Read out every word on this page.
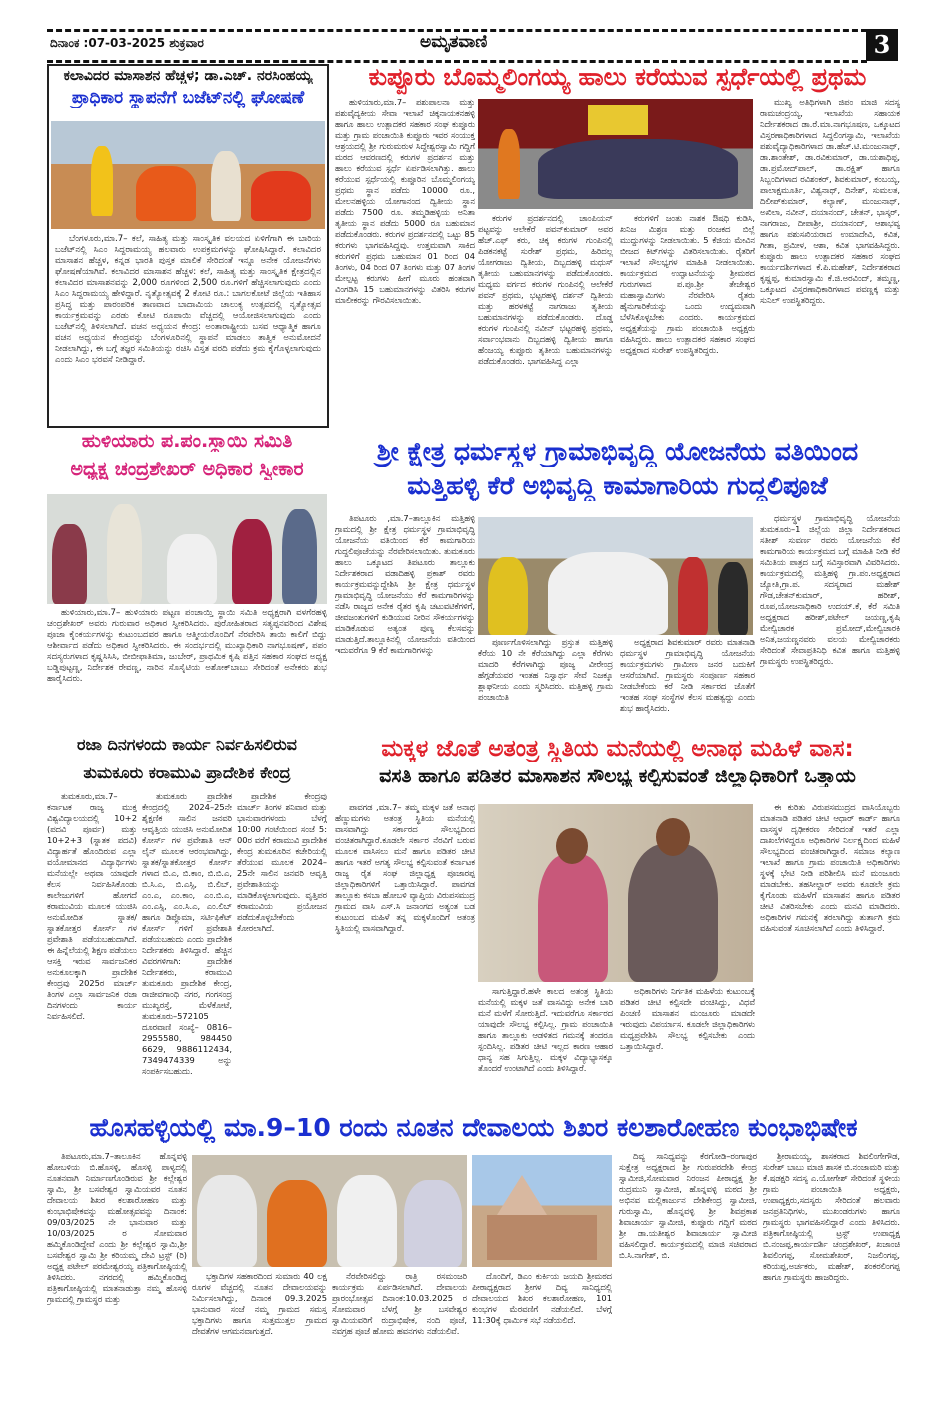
ದಿನಾಂಕ :07-03-2025 ಶುಕ್ರವಾರ	ಅಮೃತವಾಣಿ	3
ಕಲಾವಿದರ ಮಾಸಾಶನ ಹೆಚ್ಚಳ; ಡಾ.ಎಚ್. ನರಸಿಂಹಯ್ಯ
ಪ್ರಾಧಿಕಾರ ಸ್ಥಾಪನೆಗೆ ಬಜೆಟ್‌ನಲ್ಲಿ ಘೋಷಣೆ
ಬೆಂಗಳೂರು,ಮಾ.7– ಕಲೆ, ಸಾಹಿತ್ಯ ಮತ್ತು ಸಾಂಸ್ಕೃತಿಕ ವಲಯದ ಏಳಿಗೆಗಾಗಿ ಈ ಬಾರಿಯ ಬಜೆಟ್‌ನಲ್ಲಿ ಸಿಎಂ ಸಿದ್ದರಾಮಯ್ಯ ಹಲವಾರು ಉಪಕ್ರಮಗಳನ್ನು ಘೋಷಿಸಿದ್ದಾರೆ. ಕಲಾವಿದರ ಮಾಸಾಶನ ಹೆಚ್ಚಳ, ಕನ್ನಡ ಭಾರತಿ ಪುಸ್ತಕ ಮಾಲಿಕೆ ಸೇರಿದಂತೆ ಇನ್ನೂ ಅನೇಕ ಯೋಜನೆಗಳು ಘೋಷಣೆಯಾಗಿವೆ. ಕಲಾವಿದರ ಮಾಸಾಶನ ಹೆಚ್ಚಳ: ಕಲೆ, ಸಾಹಿತ್ಯ ಮತ್ತು ಸಾಂಸ್ಕೃತಿಕ ಕ್ಷೇತ್ರದಲ್ಲಿನ ಕಲಾವಿದರ ಮಾಸಾಶನವನ್ನು 2,000 ರೂಗಳಿಂದ 2,500 ರೂ.ಗಳಿಗೆ ಹೆಚ್ಚಿಸಲಾಗುವುದು ಎಂದು ಸಿಎಂ ಸಿದ್ದರಾಮಯ್ಯ ಹೇಳಿದ್ದಾರೆ. ನೃತ್ಯೋತ್ಸವಕ್ಕೆ 2 ಕೋಟಿ ರೂ.: ಬಾಗಲಕೋಟೆ ಜಿಲ್ಲೆಯ ಇತಿಹಾಸ ಪ್ರಸಿದ್ಧ ಮತ್ತು ಪಾರಂಪರಿಕ ತಾಣವಾದ ಬಾದಾಮಿಯ ಚಾಲುಕ್ಯ ಉತ್ಸವದಲ್ಲಿ ನೃತ್ಯೋತ್ಸವ ಕಾರ್ಯಕ್ರಮವನ್ನು ಎರಡು ಕೋಟಿ ರೂಪಾಯಿ ವೆಚ್ಚದಲ್ಲಿ ಆಯೋಜಿಸಲಾಗುವುದು ಎಂದು ಬಜೆಟ್‌ನಲ್ಲಿ ತಿಳಿಸಲಾಗಿದೆ. ವಚನ ಅಧ್ಯಯನ ಕೇಂದ್ರ: ಅಂತಾರಾಷ್ಟ್ರೀಯ ಬಸವ ಆಧ್ಯಾತ್ಮಿಕ ಹಾಗೂ ವಚನ ಅಧ್ಯಯನ ಕೇಂದ್ರವನ್ನು ಬೆಂಗಳೂರಿನಲ್ಲಿ ಸ್ಥಾಪನೆ ಮಾಡಲು ತಾತ್ವಿಕ ಅನುಮೋದನೆ ನೀಡಲಾಗಿದ್ದು, ಈ ಬಗ್ಗೆ ತಜ್ಞರ ಸಮಿತಿಯನ್ನು ರಚಿಸಿ ವಿಸ್ತತ ವರದಿ ಪಡೆದು ಕ್ರಮ ಕೈಗೊಳ್ಳಲಾಗುವುದು ಎಂದು ಸಿಎಂ ಭರವಸೆ ನೀಡಿದ್ದಾರೆ.
ಕುಪ್ಪೂರು ಬೊಮ್ಮಲಿಂಗಯ್ಯ ಹಾಲು ಕರೆಯುವ ಸ್ಪರ್ಧೆಯಲ್ಲಿ ಪ್ರಥಮ
ಹುಳಿಯಾರು,ಮಾ.7– ಪಶುಪಾಲನಾ ಮತ್ತು ಪಶುವೈದ್ಯಕೀಯ ಸೇವಾ ಇಲಾಖೆ ಚಿಕ್ಕನಾಯಕನಹಳ್ಳಿ ಹಾಗೂ ಹಾಲು ಉತ್ಪಾದಕರ ಸಹಕಾರ ಸಂಘ ಕುಪ್ಪೂರು ಮತ್ತು ಗ್ರಾಮ ಪಂಚಾಯಿತಿ ಕುಪ್ಪೂರು ಇವರ ಸಂಯುಕ್ತ ಆಶ್ರಯದಲ್ಲಿ ಶ್ರೀ ಗುರುಮರುಳ ಸಿದ್ದೇಶ್ವರಸ್ವಾಮಿ ಗದ್ದಿಗೆ ಮಠದ ಆವರಣದಲ್ಲಿ ಕರುಗಳ ಪ್ರದರ್ಶನ ಮತ್ತು ಹಾಲು ಕರೆಯುವ ಸ್ಪರ್ಧೆ ಏರ್ಪಡಿಸಲಾಗಿತ್ತು. ಹಾಲು ಕರೆಯುವ ಸ್ಪರ್ಧೆಯಲ್ಲಿ ಕುಪ್ಪೂರಿನ ಬೊಮ್ಮಲಿಂಗಯ್ಯ ಪ್ರಥಮ ಸ್ಥಾನ ಪಡೆದು 10000 ರೂ., ಮೇಲನಹಳ್ಳಿಯ ಯೋಗಾನಂದ ದ್ವಿತೀಯ ಸ್ಥಾನ ಪಡೆದು 7500 ರೂ. ತಮ್ಮಡಿಹಳ್ಳಿಯ ಅನಿತಾ ತೃತೀಯ ಸ್ಥಾನ ಪಡೆದು 5000 ರೂ ಬಹುಮಾನ ಪಡೆದುಕೊಂಡರು. ಕರುಗಳ ಪ್ರದರ್ಶನದಲ್ಲಿ ಒಟ್ಟು 85 ಕರುಗಳು ಭಾಗವಹಿಸಿದ್ದವು. ಉತ್ತಮವಾಗಿ ಸಾಕಿದ ಕರುಗಳಿಗೆ ಪ್ರಥಮ ಬಹುಮಾನ 01 ರಿಂದ 04 ತಿಂಗಳು, 04 ರಿಂದ 07 ತಿಂಗಳು ಮತ್ತು 07 ತಿಂಗಳ ಮೇಲ್ಪಟ್ಟ ಕರುಗಳು ಹೀಗೆ ಮೂರು ಹಂತವಾಗಿ ವಿಂಗಡಿಸಿ 15 ಬಹುಮಾನಗಳನ್ನು ವಿತರಿಸಿ ಕರುಗಳ ಮಾಲೀಕರನ್ನು ಗೌರವಿಸಲಾಯಿತು.
ಕರುಗಳ ಪ್ರದರ್ಶನದಲ್ಲಿ ಚಾಂಪಿಯನ್ ಪಟ್ಟವನ್ನು ಆಲೇಕೆರೆ ಪವನ್‌ಕುಮಾರ್ ಅವರ ಹೆಚ್.ಎಫ್ ಕರು, ಚಿಕ್ಕ ಕರುಗಳ ಗುಂಪಿನಲ್ಲಿ ಪಿಡಕನಕಟ್ಟೆ ಸುರೇಶ್ ಪ್ರಥಮ, ಹಿರಿದಲ್ಲ ಯೋಗರಾಜು ದ್ವಿತೀಯ, ದಿಬ್ಬದಹಳ್ಳಿ ಮಧುಸ್ ತೃತೀಯ ಬಹುಮಾನಗಳನ್ನು ಪಡೆದುಕೊಂಡರು. ಮಧ್ಯಮ ವರ್ಗದ ಕರುಗಳ ಗುಂಪಿನಲ್ಲಿ ಆಲೇಕೆರೆ ಪವನ್ ಪ್ರಥಮ, ಭಟ್ಟರಹಳ್ಳಿ ದರ್ಶನ್ ದ್ವಿತೀಯ ಮತ್ತು ಹರಳಕಟ್ಟೆ ನಾಗರಾಜು ತೃತೀಯ ಬಹುಮಾನಗಳನ್ನು ಪಡೆದುಕೊಂಡರು. ದೊಡ್ಡ ಕರುಗಳ ಗುಂಪಿನಲ್ಲಿ ನವೀನ್ ಭಟ್ಟರಹಳ್ಳಿ ಪ್ರಥಮ, ಸರ್ವಾಂಭವಾನು ದಿಬ್ಬದಹಳ್ಳಿ ದ್ವಿತೀಯ ಹಾಗೂ ಹೆಂಜಯ್ಯ ಕುಪ್ಪೂರು ತೃತೀಯ ಬಹುಮಾನಗಳನ್ನು ಪಡೆದುಕೊಂಡರು. ಭಾಗವಹಿಸಿದ್ದ ಎಲ್ಲಾ
ಕರುಗಳಿಗೆ ಜಂತು ನಾಶಕ ಔಷಧಿ ಕುಡಿಸಿ, ಖನಿಜ ಮಿಶ್ರಣ ಮತ್ತು ರಂಜಕದ ಬಿಲ್ಲೆ ಮುದ್ದುಗಳನ್ನು ನೀಡಲಾಯಿತು. 5 ಕೆಜಿಯ ಮೇವಿನ ಬೀಜದ ಕಿಟ್‌ಗಳನ್ನು ವಿತರಿಸಲಾಯಿತು. ರೈತರಿಗೆ ಇಲಾಖೆ ಸೌಲಭ್ಯಗಳ ಮಾಹಿತಿ ನೀಡಲಾಯಿತು. ಕಾರ್ಯಕ್ರಮದ ಉದ್ಘಾಟನೆಯನ್ನು ಶ್ರೀಮಠದ ಗುರುಗಳಾದ ಪ.ಪೂ.ಶ್ರೀ ತೇಜೇಶ್ವರ ಮಹಾಸ್ವಾಮಿಗಳು ನೆರವೇರಿಸಿ ರೈತರು ಹೈನುಗಾರಿಕೆಯನ್ನು ಒಂದು ಉದ್ಯಮವಾಗಿ ಬೆಳೆಸಿಕೊಳ್ಳಬೇಕು ಎಂದರು. ಕಾರ್ಯಕ್ರಮದ ಅಧ್ಯಕ್ಷತೆಯನ್ನು ಗ್ರಾಮ ಪಂಚಾಯಿತಿ ಅಧ್ಯಕ್ಷರು ವಹಿಸಿದ್ದರು. ಹಾಲು ಉತ್ಪಾದಕರ ಸಹಕಾರ ಸಂಘದ ಅಧ್ಯಕ್ಷರಾದ ಸುರೇಶ್ ಉಪಸ್ಥಿತರಿದ್ದರು.
ಮುಖ್ಯ ಅತಿಥಿಗಳಾಗಿ ಜಿಪಂ ಮಾಜಿ ಸದಸ್ಯ ರಾಮಚಂದ್ರಯ್ಯ, ಇಲಾಖೆಯ ಸಹಾಯಕ ನಿರ್ದೇಶಕರಾದ ಡಾ.ರೆ.ಮಾ.ನಾಗಭೂಷಣ, ಒಕ್ಕೂಟದ ವಿಸ್ತರಣಾಧಿಕಾರಿಗಳಾದ ಸಿದ್ದಲಿಂಗಸ್ವಾಮಿ, ಇಲಾಖೆಯ ಪಶುವೈದ್ಯಾಧಿಕಾರಿಗಳಾದ ಡಾ.ಹೆಚ್.ಟಿ.ಮಂಜುನಾಥ್, ಡಾ.ಶಾಂತೇಶ್, ಡಾ.ರವಿಕುಮಾರ್, ಡಾ.ಯಶಾಧಿಪ್ಪ, ಡಾ.ಪ್ರಮೋದ್‌ಪಾಲ್, ಡಾ.ರಕ್ಷಿತ್ ಹಾಗೂ ಸಿಬ್ಬಂದಿಗಳಾದ ರವಿಶಂಕರ್, ಶಿವಕುಮಾರ್, ಕಂಬಯ್ಯ, ಪಾಲಾಕ್ಷಮೂರ್ತಿ, ವಿಶ್ವನಾಥ್, ದಿನೇಶ್, ಸುಮಲತ, ದಿಲೀಪ್‌ಕುಮಾರ್, ಕಲ್ಯಾಣ್, ಮಂಜುನಾಥ್, ಅಖಿಲಾ, ನವೀನ್, ದಯಾನಂದ್, ಚೇತನ್, ಭಾಸ್ಕರ್, ನಾಗರಾಜು, ದೀಪಾಶ್ರೀ, ದಯಾನಂದ್, ಆಶಾಭವ್ಯ ಹಾಗೂ ಪಶುಸಖಿಯರಾದ ಉಮಾದೇವಿ, ಕವಿತ, ಗೀತಾ, ಪ್ರಮೀಳ, ಆಶಾ, ಕವಿತ ಭಾಗವಹಿಸಿದ್ದರು. ಕುಪ್ಪೂರು ಹಾಲು ಉತ್ಪಾದಕರ ಸಹಕಾರ ಸಂಘದ ಕಾರ್ಯದರ್ಶಿಗಳಾದ ಕೆ.ಪಿ.ಮಹೇಶ್, ನಿರ್ದೇಶಕರಾದ ಕೃಷ್ಣಪ್ಪ, ಕುಮಾರಸ್ವಾಮಿ ಕೆ.ಜಿ.ಅರವಿಂದ್, ತಮ್ಮಣ್ಣ, ಒಕ್ಕೂಟದ ವಿಸ್ತರಣಾಧಿಕಾರಿಗಳಾದ ಪವಣ್ಣಕ್ಕ ಮತ್ತು ಸುನಿಲ್ ಉಪಸ್ಥಿತರಿದ್ದರು.
ಹುಳಿಯಾರು ಪ.ಪಂ.ಸ್ಥಾಯಿ ಸಮಿತಿ
ಅಧ್ಯಕ್ಷ ಚಂದ್ರಶೇಖರ್ ಅಧಿಕಾರ ಸ್ವೀಕಾರ
ಹುಳಿಯಾರು,ಮಾ.7– ಹುಳಿಯಾರು ಪಟ್ಟಣ ಪಂಚಾಯ್ತಿ ಸ್ಥಾಯಿ ಸಮಿತಿ ಅಧ್ಯಕ್ಷರಾಗಿ ವಳಗೆರಹಳ್ಳಿ ಚಂದ್ರಶೇಖರ್ ಅವರು ಗುರುವಾರ ಅಧಿಕಾರ ಸ್ವೀಕರಿಸಿದರು. ಪುರೋಹಿತರಾದ ಸತ್ಯಪ್ಪನವರಿಂದ ವಿಶೇಷ ಪೂಜಾ ಕೈಂಕರ್ಯಗಳನ್ನು ಕುಟುಂಬದವರ ಹಾಗೂ ಆತ್ಮೀಯರೊಂದಿಗೆ ನೆರವೇರಿಸಿ ತಾಯಿ ಕಾಲಿಗೆ ಬಿದ್ದು ಆಶೀರ್ವಾದ ಪಡೆದು ಅಧಿಕಾರ ಸ್ವೀಕರಿಸಿದರು. ಈ ಸಂದರ್ಭದಲ್ಲಿ ಮುಖ್ಯಾಧಿಕಾರಿ ನಾಗಭೂಷಣ್, ಪಪಂ ಸದಸ್ಯರುಗಳಾದ ಕೃಷ್ಣಸಿಸಿಸಿ, ಬೀಬೀಫಾತಿಮಾ, ಜುಬೇರ್, ಪ್ರಾಥಮಿಕ ಕೃಷಿ ಪತ್ತಿನ ಸಹಕಾರ ಸಂಘದ ಅಧ್ಯಕ್ಷ ಬಡ್ಡಿಪುಟ್ಟಣ್ಣ, ನಿರ್ದೇಶಕ ರೇವಣ್ಣ, ನಾರಿನ ಸೊಸೈಟಿಯ ಅಶೋಕ್‌ಬಾಬು ಸೇರಿದಂತೆ ಅನೇಕರು ಶುಭ ಹಾರೈಸಿದರು.
ಶ್ರೀ ಕ್ಷೇತ್ರ ಧರ್ಮಸ್ಥಳ ಗ್ರಾಮಾಭಿವೃದ್ಧಿ ಯೋಜನೆಯ ವತಿಯಿಂದ
ಮತ್ತಿಹಳ್ಳಿ ಕೆರೆ ಅಭಿವೃದ್ಧಿ ಕಾಮಾಗಾರಿಯ ಗುದ್ದಲಿಪೂಜೆ
ತಿಪಟೂರು ,ಮಾ.7–ತಾಲ್ಲೂಕಿನ ಮತ್ತಿಹಳ್ಳಿ ಗ್ರಾಮದಲ್ಲಿ ಶ್ರೀ ಕ್ಷೇತ್ರ ಧರ್ಮಸ್ಥಳ ಗ್ರಾಮಾಭಿವೃದ್ಧಿ ಯೋಜನೆಯ ವತಿಯಿಂದ ಕೆರೆ ಕಾಮಗಾರಿಯ ಗುದ್ದಲಿಪೂಜೆಯನ್ನು ನೆರವೇರಿಸಲಾಯಿತು. ತುಮಕೂರು ಹಾಲು ಒಕ್ಕೂಟದ ತಿಪಟೂರು ತಾಲ್ಲೂಕು ನಿರ್ದೇಶಕರಾದ ವಡಾದಿಹಳ್ಳಿ ಪ್ರಕಾಶ್ ರವರು ಕಾರ್ಯಕ್ರಮವನ್ನುದ್ದೇಶಿಸಿ ಶ್ರೀ ಕ್ಷೇತ್ರ ಧರ್ಮಸ್ಥಳ ಗ್ರಾಮಾಭಿವೃದ್ಧಿ ಯೋಜನೆಯು ಕೆರೆ ಕಾಮಗಾರಿಗಳನ್ನು ನಡೆಸಿ ರಾಜ್ಯದ ಅನೇಕ ರೈತರ ಕೃಷಿ ಚಟುವಟಿಕೆಗಳಿಗೆ, ಜೀವಜಂತುಗಳಿಗೆ ಕುಡಿಯುವ ನೀರಿನ ಸೌಕರ್ಯಗಳನ್ನು ಮಾಡಿಕೊಡುವ ಅತ್ಯಂತ ಪುಣ್ಯ ಕೆಲಸವನ್ನು ಮಾಡುತ್ತಿದೆ.ತಾಲ್ಲೂಕಿನಲ್ಲಿ ಯೋಜನೆಯ ವತಿಯಿಂದ ಇದುವರೆಗೂ 9 ಕೆರೆ ಕಾಮಗಾರಿಗಳನ್ನು
ಪೂರ್ಣಗೊಳಿಸಲಾಗಿದ್ದು ಪ್ರಸ್ತುತ ಮತ್ತಿಹಳ್ಳಿ ಕೆರೆಯ 10 ನೇ ಕೆರೆಯಾಗಿದ್ದು ಎಲ್ಲಾ ಕೆರೆಗಳು ಮಾದರಿ ಕೆರೆಗಳಾಗಿದ್ದು ಪೂಜ್ಯ ವೀರೇಂದ್ರ ಹೆಗ್ಗಡೆಯವರ ಇಂತಹ ನಿಸ್ವಾರ್ಥ ಸೇವೆ ನಿಜಕ್ಕೂ ಶ್ಲಾಘನೀಯ ಎಂದು ಸ್ಮರಿಸಿದರು. ಮತ್ತಿಹಳ್ಳಿ ಗ್ರಾಮ ಪಂಚಾಯಿತಿ
ಅಧ್ಯಕ್ಷರಾದ ಶಿವಕುಮಾರ್ ರವರು ಮಾತನಾಡಿ ಧರ್ಮಸ್ಥಳ ಗ್ರಾಮಾಭಿವೃದ್ಧಿ ಯೋಜನೆಯ ಕಾರ್ಯಕ್ರಮಗಳು ಗ್ರಾಮೀಣ ಜನರ ಬದುಕಿಗೆ ಆಸರೆಯಾಗಿವೆ. ಗ್ರಾಮಸ್ಥರು ಸಂಪೂರ್ಣ ಸಹಕಾರ ನೀಡಬೇಕೆಂದು ಕರೆ ನೀಡಿ ಸರ್ಕಾರದ ಜೊತೆಗೆ ಇಂತಹ ಸಂಘ ಸಂಸ್ಥೆಗಳ ಕೆಲಸ ಮಹತ್ವದ್ದು ಎಂದು ಶುಭ ಹಾರೈಸಿದರು.
ಧರ್ಮಸ್ಥಳ ಗ್ರಾಮಾಭಿವೃದ್ಧಿ ಯೋಜನೆಯ ತುಮಕೂರು–1 ಜಿಲ್ಲೆಯ ಜಿಲ್ಲಾ ನಿರ್ದೇಶಕರಾದ ಸತೀಶ್ ಸುವರ್ಣ ರವರು ಯೋಜನೆಯ ಕೆರೆ ಕಾಮಗಾರಿಯ ಕಾರ್ಯಕ್ರಮದ ಬಗ್ಗೆ ಮಾಹಿತಿ ನೀಡಿ ಕೆರೆ ಸಮಿತಿಯ ಪಾತ್ರದ ಬಗ್ಗೆ ಸವಿಸ್ತಾರವಾಗಿ ವಿವರಿಸಿದರು. ಕಾರ್ಯಕ್ರಮದಲ್ಲಿ ಮತ್ತಿಹಳ್ಳಿ ಗ್ರಾ.ಪಂ.ಅಧ್ಯಕ್ಷರಾದ ಜ್ಯೋತಿ,ಗ್ರಾ.ಪ. ಸದಸ್ಯರಾದ ಮಹೇಶ್ ಗೌಡ,ಚೇತನ್‌ಕುಮಾರ್, ಹರೀಶ್, ರೂಪ,ಯೋಜನಾಧಿಕಾರಿ ಉದಯ್.ಕೆ, ಕೆರೆ ಸಮಿತಿ ಅಧ್ಯಕ್ಷರಾದ ಹರೀಶ್,ಪಟೇಲ್ ಜಯಣ್ಣ,ಕೃಷಿ ಮೇಲ್ವಿಚಾರಕ ಪ್ರಮೋದ್,ಮೇಲ್ವಿಚಾರಕಿ ಅನಿತ,ಜಯಣ್ಣನವರು ವಲಯ ಮೇಲ್ವಿಚಾರಕರು ಸೇರಿದಂತೆ ಸೇವಾಪ್ರತಿನಿಧಿ ಕವಿತ ಹಾಗೂ ಮತ್ತಿಹಳ್ಳಿ ಗ್ರಾಮಸ್ಥರು ಉಪಸ್ಥಿತರಿದ್ದರು.
ರಜಾ ದಿನಗಳಂದು ಕಾರ್ಯ ನಿರ್ವಹಿಸಲಿರುವ
ತುಮಕೂರು ಕರಾಮುವಿ ಪ್ರಾದೇಶಿಕ ಕೇಂದ್ರ
ತುಮಕೂರು,ಮಾ.7– ಕರ್ನಾಟಕ ರಾಜ್ಯ ಮುಕ್ತ ವಿಶ್ವವಿದ್ಯಾಲಯದಲ್ಲಿ 10+2 (ಪದವಿ ಪೂರ್ವ) ಮತ್ತು 10+2+3 (ಸ್ನಾತಕ ಪದವಿ) ವಿದ್ಯಾರ್ಹತೆ ಹೊಂದಿರುವ ಎಲ್ಲಾ ವಯೋಮಾನದ ವಿದ್ಯಾರ್ಥಿಗಳು ಮನೆಯಲ್ಲೇ ಅಥವಾ ಯಾವುದೇ ಕೆಲಸ ನಿರ್ವಹಿಸಿಕೊಂಡು ಕಾಲೇಜುಗಳಿಗೆ ಹೋಗದೆ ಕರಾಮುವಿಯ ಮೂಲಕ ಯುಜಿಸಿ ಅನುಮೋದಿತ ಸ್ನಾತಕ/ಸ್ನಾತಕೋತ್ತರ ಕೋರ್ಸ್ ಗಳ ಪ್ರವೇಶಾತಿ ಪಡೆಯಬಹುದಾಗಿದೆ. ಈ ಹಿನ್ನೆಲೆಯಲ್ಲಿ ಶಿಕ್ಷಣ ಪಡೆಯಲು ಆಸಕ್ತಿ ಇರುವ ಸಾರ್ವಜನಿಕರ ಅನುಕೂಲಕ್ಕಾಗಿ ಪ್ರಾದೇಶಿಕ ಕೇಂದ್ರವು 2025ರ ಮಾರ್ಚ್ ತಿಂಗಳ ಎಲ್ಲಾ ಸಾರ್ವಜನಿಕ ರಜಾ ದಿನಗಳಂದು ಕಾರ್ಯ ನಿರ್ವಹಿಸಲಿದೆ.
ತುಮಕೂರು ಪ್ರಾದೇಶಿಕ ಕೇಂದ್ರದಲ್ಲಿ 2024–25ನೇ ಶೈಕ್ಷಣಿಕ ಸಾಲಿನ ಜನವರಿ ಆವೃತ್ತಿಯ ಯುಜಿಸಿ ಅನುಮೋದಿತ ಕೋರ್ಸ್ ಗಳ ಪ್ರವೇಶಾತಿ ಆನ್ ಲೈನ್ ಮೂಲಕ ಆರಂಭವಾಗಿದ್ದು, ಸ್ನಾತಕ/ಸ್ನಾತಕೋತ್ತರ ಕೋರ್ಸ್ ಗಳಾದ ಬಿ.ಎ, ಬಿ.ಕಾಂ, ಬಿ.ಬಿ.ಎ, ಬಿ.ಸಿ.ಎ, ಬಿ.ಎಸ್ಸಿ, ಬಿ.ಲಿಬ್, ಎಂ.ಎ, ಎಂ.ಕಾಂ, ಎಂ.ಬಿ.ಎ, ಎಂ.ಎಸ್ಸಿ, ಎಂ.ಸಿ.ಎ, ಎಂ.ಲಿಬ್ ಹಾಗೂ ಡಿಪ್ಲೊಮಾ, ಸರ್ಟಿಫಿಕೆಟ್ ಕೋರ್ಸ್ ಗಳಿಗೆ ಪ್ರವೇಶಾತಿ ಪಡೆಯಬಹುದು ಎಂದು ಪ್ರಾದೇಶಿಕ ನಿರ್ದೇಶಕರು ತಿಳಿಸಿದ್ದಾರೆ. ಹೆಚ್ಚಿನ ವಿವರಗಳಿಗಾಗಿ: ಪ್ರಾದೇಶಿಕ ನಿರ್ದೇಶಕರು, ಕರಾಮುವಿ ತುಮಕೂರು ಪ್ರಾದೇಶಿಕ ಕೇಂದ್ರ, ರಾಜೀವಗಾಂಧಿ ನಗರ, ಗಂಗಸಂದ್ರ ಮುಖ್ಯರಸ್ತೆ, ಮೆಳೆಕೋಟೆ, ತುಮಕೂರು–572105 ದೂರವಾಣಿ ಸಂಖ್ಯೆ– 0816–2955580, 984450 6629, 9886112434, 7349474339 ಅನ್ನು ಸಂಪರ್ಕಿಸಬಹುದು.
ಪ್ರಾದೇಶಿಕ ಕೇಂದ್ರವು ಮಾರ್ಚ್ ತಿಂಗಳ ಶನಿವಾರ ಮತ್ತು ಭಾನುವಾರಗಳಂದು ಬೆಳಗ್ಗೆ 10:00 ಗಂಟೆಯಿಂದ ಸಂಜೆ 5: 00ರ ವರೆಗೆ ಕರಾಮುವಿ ಪ್ರಾದೇಶಿಕ ಕೇಂದ್ರ ತುಮಕೂರಿನ ಕಚೇರಿಯಲ್ಲಿ ತೆರೆಯುವ ಮೂಲಕ 2024–25ನೇ ಸಾಲಿನ ಜನವರಿ ಆವೃತ್ತಿ ಪ್ರವೇಶಾತಿಯನ್ನು ಮಾಡಿಕೊಳ್ಳಲಾಗುವುದು. ವೃತ್ತಿಪರ ಕರಾಮುವಿಯ ಪ್ರಯೋಜನ ಪಡೆದುಕೊಳ್ಳಬೇಕೆಂದು ಕೋರಲಾಗಿದೆ.
ಮಕ್ಕಳ ಜೊತೆ ಅತಂತ್ರ ಸ್ಥಿತಿಯ ಮನೆಯಲ್ಲಿ ಅನಾಥ ಮಹಿಳೆ ವಾಸ:
ವಸತಿ ಹಾಗೂ ಪಡಿತರ ಮಾಸಾಶನ ಸೌಲಭ್ಯ ಕಲ್ಪಿಸುವಂತೆ ಜಿಲ್ಲಾಧಿಕಾರಿಗೆ ಒತ್ತಾಯ
ಪಾವಗಡ ,ಮಾ.7– ತಮ್ಮ ಮಕ್ಕಳ ಜತೆ ಅನಾಥ ಹೆಣ್ಣುಮಗಳು ಅತಂತ್ರ ಸ್ಥಿತಿಯ ಮನೆಯಲ್ಲಿ ವಾಸವಾಗಿದ್ದು ಸರ್ಕಾರದ ಸೌಲಭ್ಯದಿಂದ ವಂಚಿತರಾಗಿದ್ದಾರೆ.ಕೂಡಲೇ ಸರ್ಕಾರ ನೆರವಿಗೆ ಬರುವ ಮೂಲಕ ವಾಸಿಸಲು ಮನೆ ಹಾಗೂ ಪಡಿತರ ಚೀಟಿ ಹಾಗೂ ಇತರೆ ಅಗತ್ಯ ಸೌಲಭ್ಯ ಕಲ್ಪಿಸುವಂತೆ ಕರ್ನಾಟಕ ರಾಜ್ಯ ರೈತ ಸಂಘ ಜಿಲ್ಲಾಧ್ಯಕ್ಷ ಪೂಜಾರಪ್ಪ ಜಿಲ್ಲಾಧಿಕಾರಿಗಳಿಗೆ ಒತ್ತಾಯಿಸಿದ್ದಾರೆ. ಪಾವಗಡ ತಾಲ್ಲೂಕು ಕಸಬಾ ಹೋಬಳಿ ವ್ಯಾಪ್ತಿಯ ವಿರುಪಸಮುದ್ರ ಗ್ರಾಮದ ವಾಸಿ ಎಸ್.ಸಿ ಜನಾಂಗದ ಅತ್ಯಂತ ಬಡ ಕುಟುಂಬದ ಮಹಿಳೆ ತನ್ನ ಮಕ್ಕಳೊಂದಿಗೆ ಅತಂತ್ರ ಸ್ಥಿತಿಯಲ್ಲಿ ವಾಸವಾಗಿದ್ದಾರೆ.
ಸಾಗುತ್ತಿದ್ದಾರೆ.ಹಳೇ ಕಾಲದ ಅತಂತ್ರ ಸ್ಥಿತಿಯ ಮನೆಯಲ್ಲಿ ಮಕ್ಕಳ ಜತೆ ವಾಸವಿದ್ದು ಅನೇಕ ಬಾರಿ ಮನೆ ಮಳೆಗೆ ಸೋರುತ್ತಿದೆ. ಇದುವರೆಗೂ ಸರ್ಕಾರದ ಯಾವುದೇ ಸೌಲಭ್ಯ ಕಲ್ಪಿಸಿಲ್ಲ. ಗ್ರಾಮ ಪಂಚಾಯಿತಿ ಹಾಗೂ ತಾಲ್ಲೂಕು ಆಡಳಿತದ ಗಮನಕ್ಕೆ ತಂದರೂ ಸ್ಪಂದಿಸಿಲ್ಲ. ಪಡಿತರ ಚೀಟಿ ಇಲ್ಲದ ಕಾರಣ ಆಹಾರ ಧಾನ್ಯ ಸಹ ಸಿಗುತ್ತಿಲ್ಲ. ಮಕ್ಕಳ ವಿದ್ಯಾಭ್ಯಾಸಕ್ಕೂ ತೊಂದರೆ ಉಂಟಾಗಿದೆ ಎಂದು ತಿಳಿಸಿದ್ದಾರೆ.
ಅಧಿಕಾರಿಗಳು ನಿರ್ಗತಿಕ ಮಹಿಳೆಯ ಕುಟುಂಬಕ್ಕೆ ಪಡಿತರ ಚೀಟಿ ಕಲ್ಪಿಸದೇ ವಂಚಿಸಿದ್ದು, ವಿಧವೆ ಪಿಂಚಣಿ ಮಾಸಾಶನ ಮಂಜೂರು ಮಾಡದೇ ಇರುವುದು ವಿಪರ್ಯಾಸ. ಕೂಡಲೇ ಜಿಲ್ಲಾಧಿಕಾರಿಗಳು ಮಧ್ಯಪ್ರವೇಶಿಸಿ ಸೌಲಭ್ಯ ಕಲ್ಪಿಸಬೇಕು ಎಂದು ಒತ್ತಾಯಿಸಿದ್ದಾರೆ.
ಈ ಕುರಿತು ವಿರುಪಸಮುದ್ರದ ವಾಸಿಯೊಬ್ಬರು ಮಾತನಾಡಿ ಪಡಿತರ ಚೀಟಿ ಆಧಾರ್ ಕಾರ್ಡ್ ಹಾಗೂ ವಾಸಸ್ಥಳ ದೃಢೀಕರಣ ಸೇರಿದಂತೆ ಇತರೆ ಎಲ್ಲಾ ದಾಖಲೆಗಳಿದ್ದರೂ ಅಧಿಕಾರಿಗಳ ನಿರ್ಲಕ್ಷ್ಯದಿಂದ ಮಹಿಳೆ ಸೌಲಭ್ಯದಿಂದ ವಂಚಿತರಾಗಿದ್ದಾರೆ. ಸಮಾಜ ಕಲ್ಯಾಣ ಇಲಾಖೆ ಹಾಗೂ ಗ್ರಾಮ ಪಂಚಾಯಿತಿ ಅಧಿಕಾರಿಗಳು ಸ್ಥಳಕ್ಕೆ ಭೇಟಿ ನೀಡಿ ಪರಿಶೀಲಿಸಿ ಮನೆ ಮಂಜೂರು ಮಾಡಬೇಕು. ತಹಸೀಲ್ದಾರ್ ಅವರು ಕೂಡಲೇ ಕ್ರಮ ಕೈಗೊಂಡು ಮಹಿಳೆಗೆ ಮಾಸಾಶನ ಹಾಗೂ ಪಡಿತರ ಚೀಟಿ ವಿತರಿಸಬೇಕು ಎಂದು ಮನವಿ ಮಾಡಿದರು. ಅಧಿಕಾರಿಗಳ ಗಮನಕ್ಕೆ ತರಲಾಗಿದ್ದು ತುರ್ತಾಗಿ ಕ್ರಮ ವಹಿಸುವಂತೆ ಸೂಚಿಸಲಾಗಿದೆ ಎಂದು ತಿಳಿಸಿದ್ದಾರೆ.
ಹೊಸಹಳ್ಳಿಯಲ್ಲಿ ಮಾ.9–10 ರಂದು ನೂತನ ದೇವಾಲಯ ಶಿಖರ ಕಲಶಾರೋಹಣ ಕುಂಭಾಭಿಷೇಕ
ತಿಪಟೂರು,ಮಾ.7–ತಾಲೂಕಿನ ಹೊನ್ನವಳ್ಳಿ ಹೋಬಳಿಯ ಬಿ.ಹೊಸಳ್ಳಿ, ಹೊಸಳ್ಳಿ ಪಾಳ್ಯದಲ್ಲಿ ನೂತನವಾಗಿ ನಿರ್ಮಾಣಗೊಂಡಿರುವ ಶ್ರೀ ಕಲ್ಲೇಶ್ವರ ಸ್ವಾಮಿ, ಶ್ರೀ ಬಸವೇಶ್ವರ ಸ್ವಾಮಿಯವರ ನೂತನ ದೇವಾಲಯ ಶಿಖರ ಕಲಶಾರೋಹಣ ಮತ್ತು ಕುಂಭಾಭಿಷೇಕವನ್ನು ಮಹೋತ್ಸವವನ್ನು ದಿನಾಂಕ: 09/03/2025 ನೇ ಭಾನುವಾರ ಮತ್ತು 10/03/2025 ರ ಸೋಮವಾರ ಹಮ್ಮಿಕೊಂಡಿದ್ದೇವೆ ಎಂದು ಶ್ರೀ ಕಲ್ಲೇಶ್ವರ ಸ್ವಾಮಿ,ಶ್ರೀ ಬಸವೇಶ್ವರ ಸ್ವಾಮಿ ಶ್ರೀ ಕರಿಯಮ್ಮ ದೇವಿ ಟ್ರಸ್ಟ್ (ರಿ) ಅಧ್ಯಕ್ಷ ಪಟೇಲ್ ಪರಮೇಶ್ವರಯ್ಯ ಪತ್ರಿಕಾಗೋಷ್ಠಿಯಲ್ಲಿ ತಿಳಿಸಿದರು. ನಗರದಲ್ಲಿ ಹಮ್ಮಿಕೊಂಡಿದ್ದ ಪತ್ರಿಕಾಗೋಷ್ಠಿಯಲ್ಲಿ ಮಾತನಾಡುತ್ತಾ ನಮ್ಮ ಹೊಸಳ್ಳಿ ಗ್ರಾಮದಲ್ಲಿ ಗ್ರಾಮಸ್ಥರ ಮತ್ತು
ಭಕ್ತಾದಿಗಳ ಸಹಕಾರದಿಂದ ಸುಮಾರು 40 ಲಕ್ಷ ರೂಗಳ ವೆಚ್ಚದಲ್ಲಿ ನೂತನ ದೇವಾಲಯವನ್ನು ನಿರ್ಮಿಸಲಾಗಿದ್ದು, ದಿನಾಂಕ 09.3.2025 ಭಾನುವಾರ ಸಂಜೆ ನಮ್ಮ ಗ್ರಾಮದ ಸಮಸ್ತ ಭಕ್ತಾದಿಗಳು ಹಾಗೂ ಸುತ್ತಮುತ್ತಲ ಗ್ರಾಮದ ದೇವತೆಗಳ ಆಗಮನವಾಗುತ್ತದೆ.
ನೆರವೇರಿಸಲಿದ್ದು ರಾತ್ರಿ ರಸಮಂಜರಿ ಕಾರ್ಯಕ್ರಮ ಏರ್ಪಡಿಸಲಾಗಿದೆ. ದೇವಾಲಯ ಪ್ರಾರಂಭೋತ್ಸವ ದಿನಾಂಕ:10.03.2025 ರ ಸೋಮವಾರ ಬೆಳಗ್ಗೆ ಶ್ರೀ ಬಸವೇಶ್ವರ ಸ್ವಾಮಿಯವರಿಗೆ ರುದ್ರಾಭಿಷೇಕ, ನಂದಿ ಪೂಜೆ, ನವಗ್ರಹ ಪೂಜೆ ಹೋಮ ಹವನಗಳು ನಡೆಯಲಿವೆ.
ದೊಂದಿಗೆ, ಡಿಎಂ ಕುರ್ಕಿಯ ಜಯದಿ ಶ್ರೀಮಠದ ಪೀಠಾಧ್ಯಕ್ಷರಾದ ಶ್ರೀಗಳ ದಿವ್ಯ ಸಾನಿಧ್ಯದಲ್ಲಿ ದೇವಾಲಯದ ಶಿಖರ ಕಲಶಾರೋಹಣ, 101 ಕುಂಭಗಳ ಮೆರವಣಿಗೆ ನಡೆಯಲಿದೆ. ಬೆಳಗ್ಗೆ 11:30ಕ್ಕೆ ಧಾರ್ಮಿಕ ಸಭೆ ನಡೆಯಲಿದೆ.
ದಿವ್ಯ ಸಾನಿಧ್ಯವನ್ನು ಕೆರಗೋಡಿ–ರಂಗಾಪುರ ಸುಕ್ಷೇತ್ರ ಅಧ್ಯಕ್ಷರಾದ ಶ್ರೀ ಗುರುಪರದೇಶಿ ಕೇಂದ್ರ ಸ್ವಾಮೀಜಿ,ಸೋಮವಾರ ನಿರಂಜನ ಪೀಠಾಧ್ಯಕ್ಷ ಶ್ರೀ ರುದ್ರಮುನಿ ಸ್ವಾಮೀಜಿ, ಹೊನ್ನವಳ್ಳಿ ಮಠದ ಶ್ರೀ ಅಭಿನವ ಮಲ್ಲಿಕಾರ್ಜುನ ದೇಶಿಕೇಂದ್ರ ಸ್ವಾಮೀಜಿ, ಗುರುಸ್ವಾಮಿ, ಹೊನ್ನವಳ್ಳಿ ಶ್ರೀ ಶಿವಪ್ರಕಾಶ ಶಿವಾಚಾರ್ಯ ಸ್ವಾಮೀಜಿ, ಕುಪ್ಪೂರು ಗದ್ದಿಗೆ ಮಠದ ಶ್ರೀ ಡಾ.ಯತೀಶ್ವರ ಶಿವಾಚಾರ್ಯ ಸ್ವಾಮೀಜಿ ವಹಿಸಲಿದ್ದಾರೆ. ಕಾರ್ಯಕ್ರಮದಲ್ಲಿ ಮಾಜಿ ಸಚಿವರಾದ ಬಿ.ಸಿ.ನಾಗೇಶ್, ಬಿ.
ಶ್ರೀರಾಮಯ್ಯ, ಶಾಸಕರಾದ ಶಿವಲಿಂಗೇಗೌಡ, ಸುರೇಶ್ ಬಾಬು ಮಾಜಿ ಶಾಸಕ ಬಿ.ನಂಜಾಮರಿ ಮತ್ತು ಕೆ.ಷಡಕ್ಷರಿ ಸದಸ್ಯ ಎ.ಯೋಗೇಶ್ ಸೇರಿದಂತೆ ಸ್ಥಳೀಯ ಗ್ರಾಮ ಪಂಚಾಯಿತಿ ಅಧ್ಯಕ್ಷರು, ಉಪಾಧ್ಯಕ್ಷರು,ಸದಸ್ಯರು ಸೇರಿದಂತೆ ಹಲವಾರು ಜನಪ್ರತಿನಿಧಿಗಳು, ಮುಖಂಡರುಗಳು ಹಾಗೂ ಗ್ರಾಮಸ್ಥರು ಭಾಗವಹಿಸಲಿದ್ದಾರೆ ಎಂದು ತಿಳಿಸಿದರು. ಪತ್ರಿಕಾಗೋಷ್ಠಿಯಲ್ಲಿ ಟ್ರಸ್ಟ್ ಉಪಾಧ್ಯಕ್ಷ ಬಿ.ನಂಜಪ್ಪ,ಕಾರ್ಯದರ್ಶಿ ಚಂದ್ರಶೇಖರ್, ಖಜಾಂಚಿ ಶಿವಲಿಂಗಪ್ಪ, ಸೋಮಶೇಖರ್, ನಿಜಲಿಂಗಪ್ಪ, ಕರಿಯಪ್ಪ,ಅರ್ಚಕರು, ಮಹೇಶ್, ಶಂಕರಲಿಂಗಪ್ಪ ಹಾಗೂ ಗ್ರಾಮಸ್ಥರು ಹಾಜರಿದ್ದರು.
